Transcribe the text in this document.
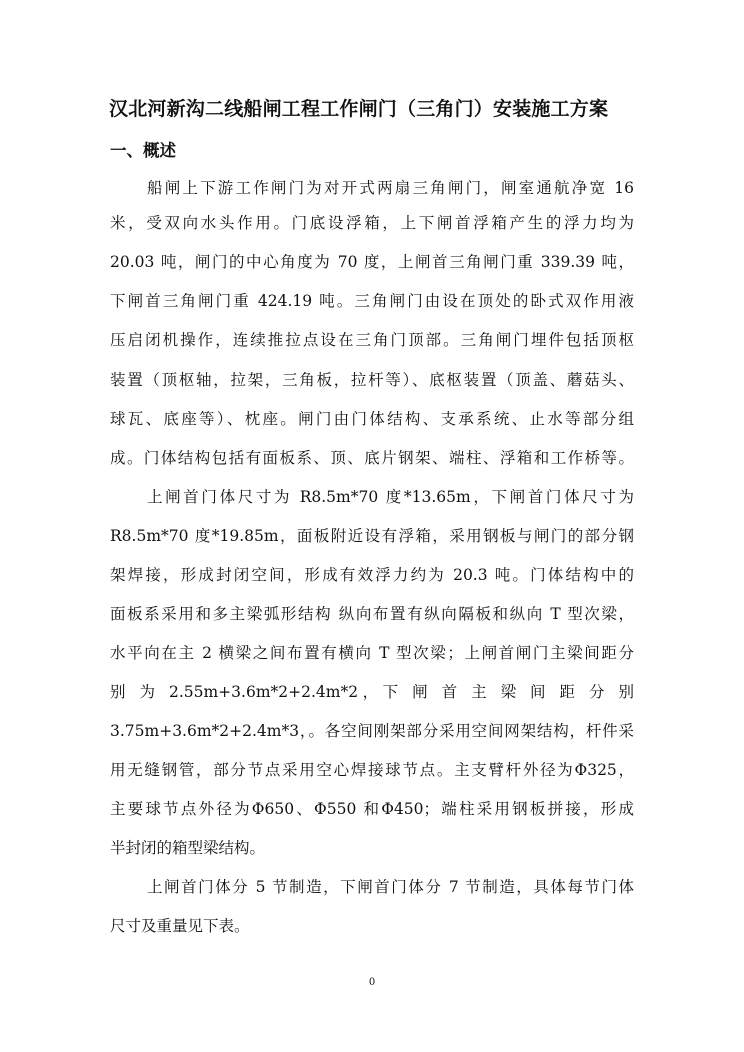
汉北河新沟二线船闸工程工作闸门（三角门）安装施工方案
一、概述

船闸上下游工作闸门为对开式两扇三角闸门，闸室通航净宽 16

米，受双向水头作用。门底设浮箱，上下闸首浮箱产生的浮力均为

20.03 吨，闸门的中心角度为 70 度，上闸首三角闸门重 339.39 吨，

下闸首三角闸门重 424.19 吨。三角闸门由设在顶处的卧式双作用液

压启闭机操作，连续推拉点设在三角门顶部。三角闸门埋件包括顶枢

装置（顶枢轴，拉架，三角板，拉杆等）、底枢装置（顶盖、蘑菇头、

球瓦、底座等）、枕座。闸门由门体结构、支承系统、止水等部分组

成。门体结构包括有面板系、顶、底片钢架、端柱、浮箱和工作桥等。

上闸首门体尺寸为 R8.5m*70 度*13.65m，下闸首门体尺寸为

R8.5m*70 度*19.85m，面板附近设有浮箱，采用钢板与闸门的部分钢

架焊接，形成封闭空间，形成有效浮力约为 20.3 吨。门体结构中的

面板系采用和多主梁弧形结构 纵向布置有纵向隔板和纵向 T 型次梁，

水平向在主 2 横梁之间布置有横向 T 型次梁；上闸首闸门主梁间距分

别 为 2.55m+3.6m*2+2.4m*2，下 闸 首 主 梁 间 距 分 别

3.75m+3.6m*2+2.4m*3，。各空间刚架部分采用空间网架结构，杆件采

用无缝钢管，部分节点采用空心焊接球节点。主支臂杆外径为Φ325，

主要球节点外径为Φ650、Φ550 和Φ450；端柱采用钢板拼接，形成

半封闭的箱型梁结构。

上闸首门体分 5 节制造，下闸首门体分 7 节制造，具体每节门体

尺寸及重量见下表。

0
